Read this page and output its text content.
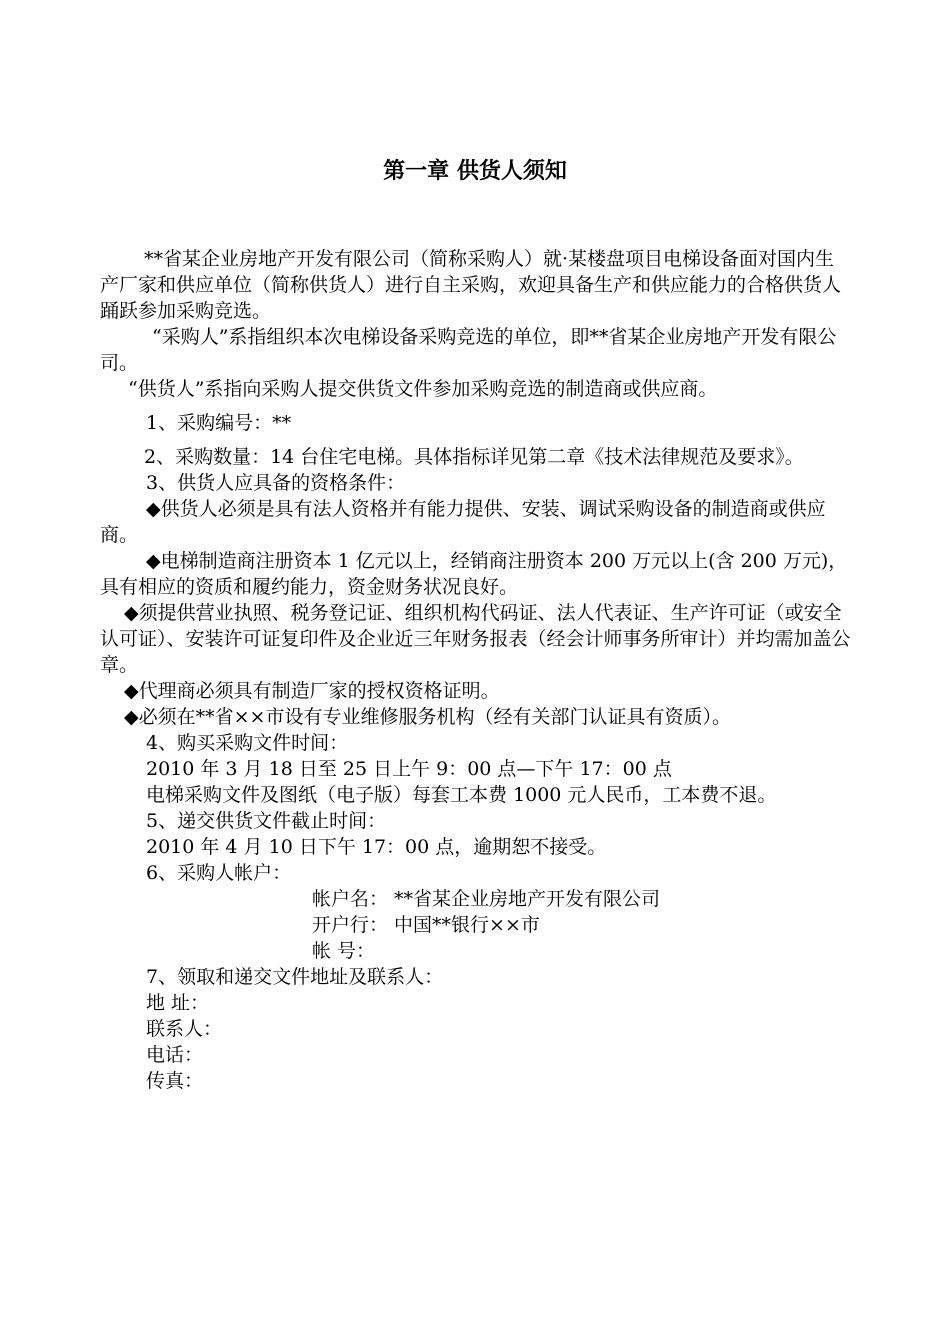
第一章 供货人须知

**省某企业房地产开发有限公司（简称采购人）就·某楼盘项目电梯设备面对国内生产厂家和供应单位（简称供货人）进行自主采购，欢迎具备生产和供应能力的合格供货人踊跃参加采购竞选。

“采购人”系指组织本次电梯设备采购竞选的单位，即**省某企业房地产开发有限公司。

“供货人”系指向采购人提交供货文件参加采购竞选的制造商或供应商。

1、采购编号：**

2、采购数量：14 台住宅电梯。具体指标详见第二章《技术法律规范及要求》。

3、供货人应具备的资格条件：

◆供货人必须是具有法人资格并有能力提供、安装、调试采购设备的制造商或供应商。

◆电梯制造商注册资本 1 亿元以上，经销商注册资本 200 万元以上(含 200 万元)，具有相应的资质和履约能力，资金财务状况良好。

◆须提供营业执照、税务登记证、组织机构代码证、法人代表证、生产许可证（或安全认可证）、安装许可证复印件及企业近三年财务报表（经会计师事务所审计）并均需加盖公章。

◆代理商必须具有制造厂家的授权资格证明。

◆必须在**省××市设有专业维修服务机构（经有关部门认证具有资质）。

4、购买采购文件时间：

2010 年 3 月 18 日至 25 日上午 9：00 点—下午 17：00 点

电梯采购文件及图纸（电子版）每套工本费 1000 元人民币，工本费不退。

5、递交供货文件截止时间：

2010 年 4 月 10 日下午 17：00 点，逾期恕不接受。

6、采购人帐户：

帐户名： **省某企业房地产开发有限公司

开户行： 中国**银行××市

帐 号：

7、领取和递交文件地址及联系人：

地 址：

联系人：

电话：

传真：
